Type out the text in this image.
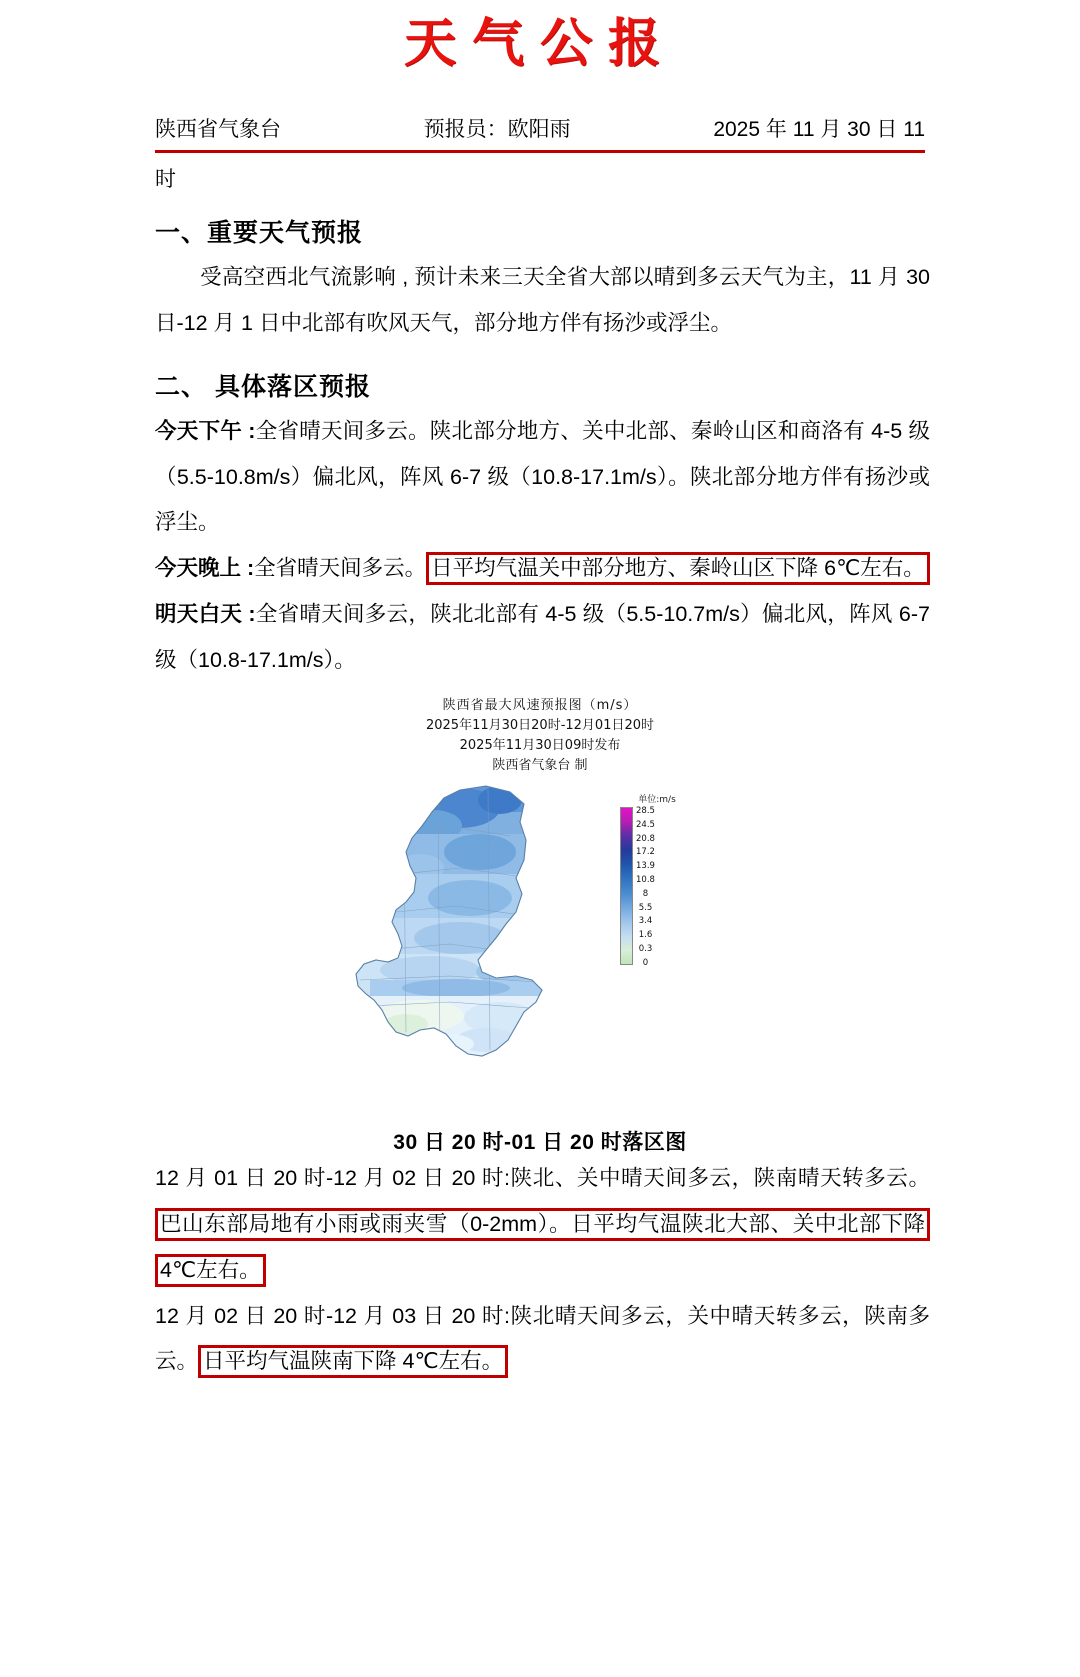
天气公报
陕西省气象台	预报员：欧阳雨	2025 年 11 月 30 日 11
时
一、重要天气预报
受高空西北气流影响 , 预计未来三天全省大部以晴到多云天气为主，11 月 30 日-12 月 1 日中北部有吹风天气，部分地方伴有扬沙或浮尘。
二、 具体落区预报
今天下午 :全省晴天间多云。陕北部分地方、关中北部、秦岭山区和商洛有 4-5 级（5.5-10.8m/s）偏北风，阵风 6-7 级（10.8-17.1m/s）。陕北部分地方伴有扬沙或浮尘。
今天晚上 :全省晴天间多云。 日平均气温关中部分地方、秦岭山区下降 6℃左右。
明天白天 :全省晴天间多云，陕北北部有 4-5 级（5.5-10.7m/s）偏北风，阵风 6-7 级（10.8-17.1m/s）。
陕西省最大风速预报图（m/s）
2025年11月30日20时-12月01日20时
2025年11月30日09时发布
陕西省气象台 制
单位:m/s
28.5
24.5
20.8
17.2
13.9
10.8
8
5.5
3.4
1.6
0.3
0
30 日 20 时-01 日 20 时落区图
12 月 01 日 20 时-12 月 02 日 20 时:陕北、关中晴天间多云，陕南晴天转多云。巴山东部局地有小雨或雨夹雪（0-2mm）。日平均气温陕北大部、关中北部下降 4℃左右。
12 月 02 日 20 时-12 月 03 日 20 时:陕北晴天间多云，关中晴天转多云，陕南多云。 日平均气温陕南下降 4℃左右。
